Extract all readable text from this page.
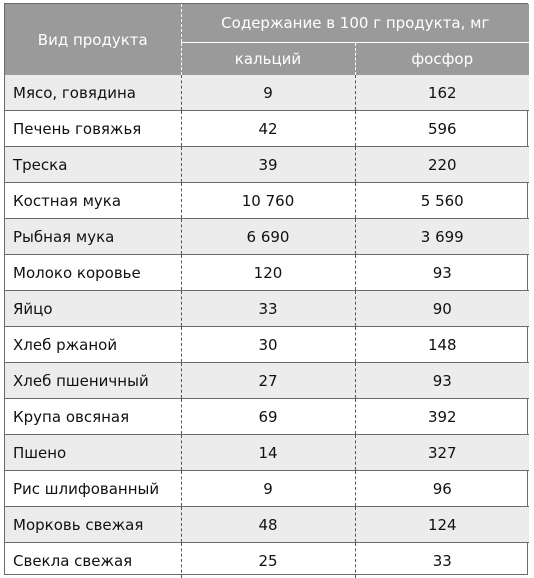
Вид продукта	Содержание в 100 г продукта, мг	
	кальций	фосфор
Мясо, говядина	9	162
Печень говяжья	42	596
Треска	39	220
Костная мука	10 760	5 560
Рыбная мука	6 690	3 699
Молоко коровье	120	93
Яйцо	33	90
Хлеб ржаной	30	148
Хлеб пшеничный	27	93
Крупа овсяная	69	392
Пшено	14	327
Рис шлифованный	9	96
Морковь свежая	48	124
Свекла свежая	25	33
